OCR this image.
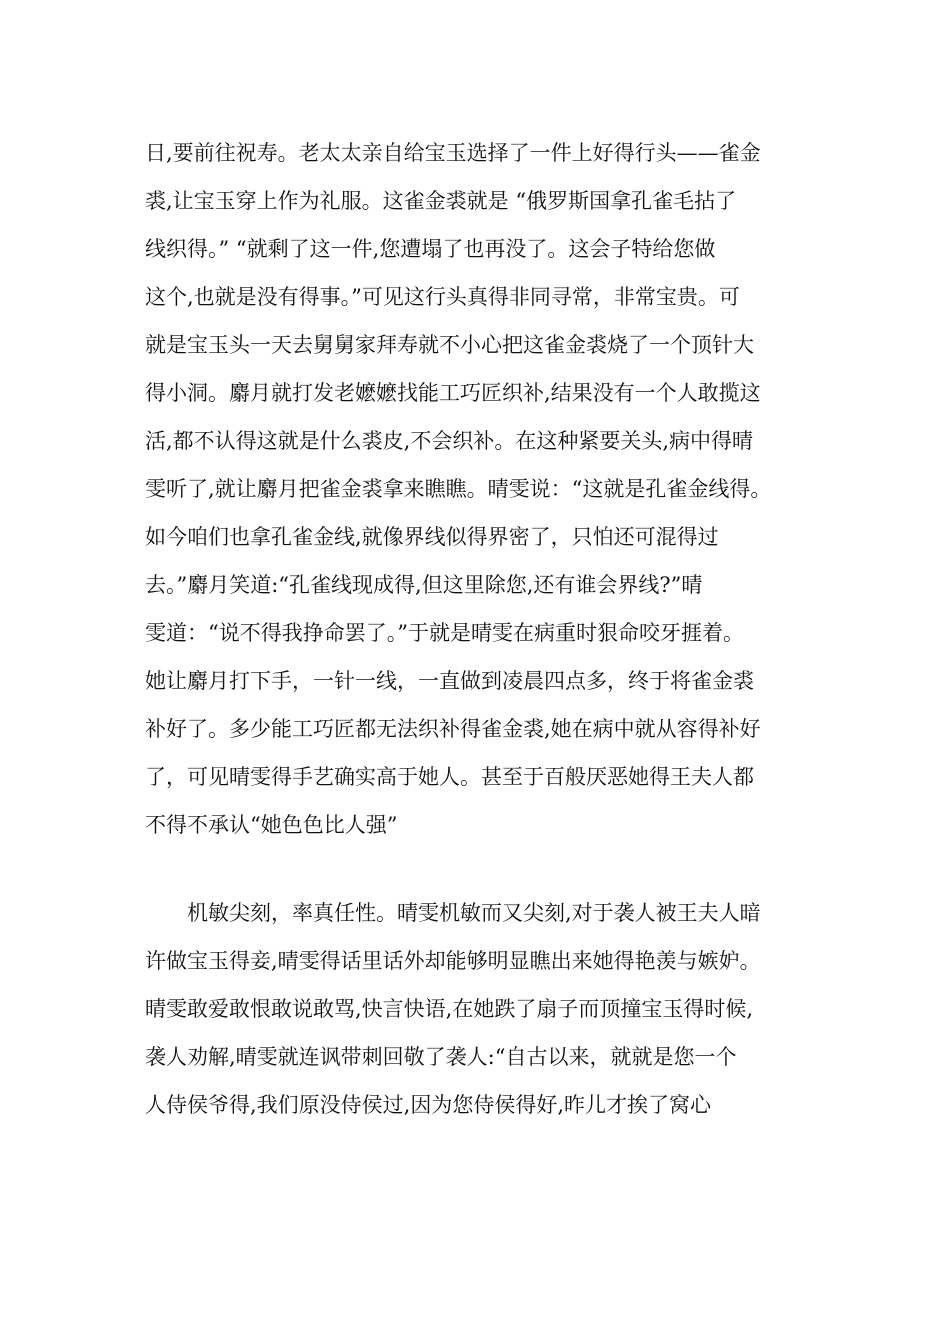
日,要前往祝寿。老太太亲自给宝玉选择了一件上好得行头——雀金
裘,让宝玉穿上作为礼服。这雀金裘就是 “俄罗斯国拿孔雀毛拈了
线织得。” “就剩了这一件,您遭塌了也再没了。这会子特给您做
这个,也就是没有得事。”可见这行头真得非同寻常，非常宝贵。可
就是宝玉头一天去舅舅家拜寿就不小心把这雀金裘烧了一个顶针大
得小洞。麝月就打发老嬷嬷找能工巧匠织补,结果没有一个人敢揽这
活,都不认得这就是什么裘皮,不会织补。在这种紧要关头,病中得晴
雯听了,就让麝月把雀金裘拿来瞧瞧。晴雯说：“这就是孔雀金线得。
如今咱们也拿孔雀金线,就像界线似得界密了，只怕还可混得过
去。”麝月笑道:“孔雀线现成得,但这里除您,还有谁会界线?”晴
雯道：“说不得我挣命罢了。”于就是晴雯在病重时狠命咬牙捱着。
她让麝月打下手，一针一线，一直做到凌晨四点多，终于将雀金裘
补好了。多少能工巧匠都无法织补得雀金裘,她在病中就从容得补好
了，可见晴雯得手艺确实高于她人。甚至于百般厌恶她得王夫人都
不得不承认“她色色比人强”
机敏尖刻，率真任性。晴雯机敏而又尖刻,对于袭人被王夫人暗
许做宝玉得妾,晴雯得话里话外却能够明显瞧出来她得艳羡与嫉妒。
晴雯敢爱敢恨敢说敢骂,快言快语,在她跌了扇子而顶撞宝玉得时候,
袭人劝解,晴雯就连讽带刺回敬了袭人:“自古以来，就就是您一个
人侍侯爷得,我们原没侍侯过,因为您侍侯得好,昨儿才挨了窝心
